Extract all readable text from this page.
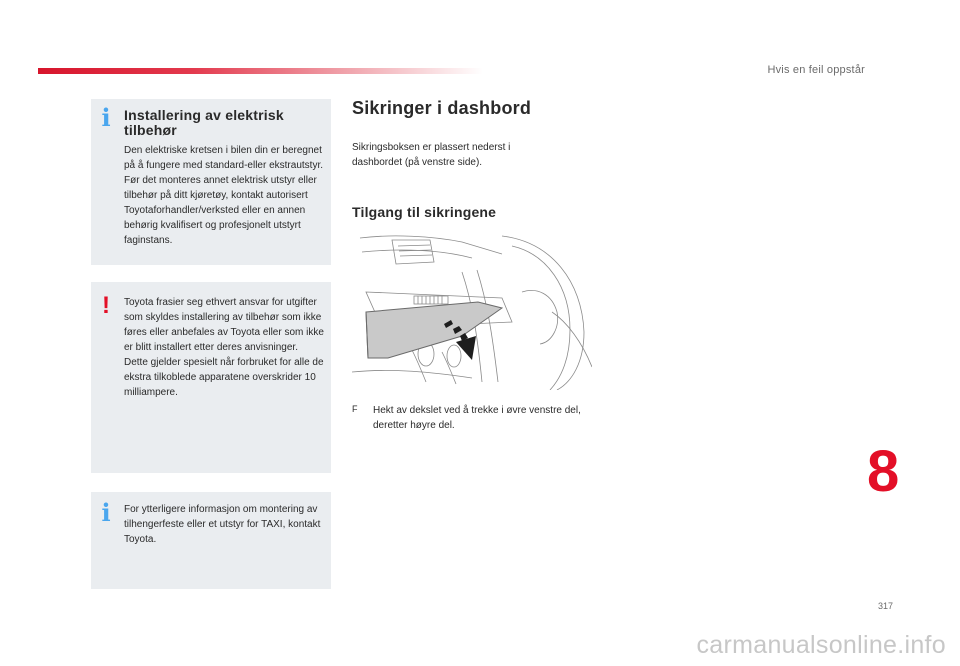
Hvis en feil oppstår
i Installering av elektrisk tilbehør
Den elektriske kretsen i bilen din er beregnet på å fungere med standard-eller ekstrautstyr.
Før det monteres annet elektrisk utstyr eller tilbehør på ditt kjøretøy, kontakt autorisert Toyotaforhandler/verksted eller en annen behørig kvalifisert og profesjonelt utstyrt faginstans.
!	Toyota frasier seg ethvert ansvar for utgifter som skyldes installering av tilbehør som ikke føres eller anbefales av Toyota eller som ikke er blitt installert etter deres anvisninger. Dette gjelder spesielt når forbruket for alle de ekstra tilkoblede apparatene overskrider 10 milliampere.
i For ytterligere informasjon om montering av tilhengerfeste eller et utstyr for TAXI, kontakt Toyota.
Sikringer i dashbord
Sikringsboksen er plassert nederst i dashbordet (på venstre side).
Tilgang til sikringene
F Hekt av dekslet ved å trekke i øvre venstre del, deretter høyre del.
8
317
carmanualsonline.info
